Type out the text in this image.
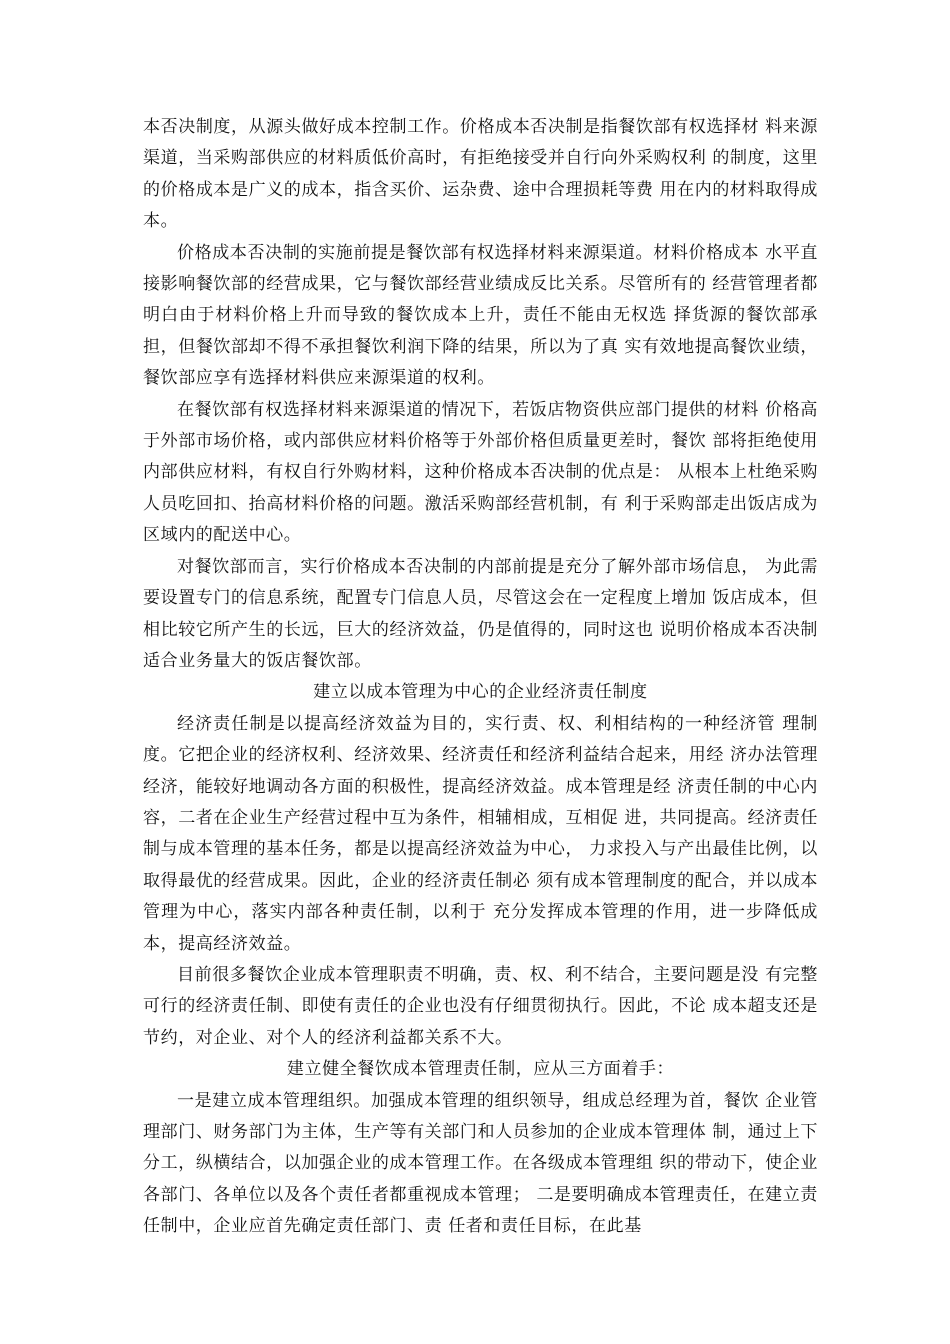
本否决制度，从源头做好成本控制工作。价格成本否决制是指餐饮部有权选择材 料来源渠道，当采购部供应的材料质低价高时，有拒绝接受并自行向外采购权利 的制度，这里的价格成本是广义的成本，指含买价、运杂费、途中合理损耗等费 用在内的材料取得成本。

价格成本否决制的实施前提是餐饮部有权选择材料来源渠道。材料价格成本 水平直接影响餐饮部的经营成果，它与餐饮部经营业绩成反比关系。尽管所有的 经营管理者都明白由于材料价格上升而导致的餐饮成本上升，责任不能由无权选 择货源的餐饮部承担，但餐饮部却不得不承担餐饮利润下降的结果，所以为了真 实有效地提高餐饮业绩，餐饮部应享有选择材料供应来源渠道的权利。

在餐饮部有权选择材料来源渠道的情况下，若饭店物资供应部门提供的材料 价格高于外部市场价格，或内部供应材料价格等于外部价格但质量更差时，餐饮 部将拒绝使用内部供应材料，有权自行外购材料，这种价格成本否决制的优点是： 从根本上杜绝采购人员吃回扣、抬高材料价格的问题。激活采购部经营机制，有 利于采购部走出饭店成为区域内的配送中心。

对餐饮部而言，实行价格成本否决制的内部前提是充分了解外部市场信息， 为此需要设置专门的信息系统，配置专门信息人员，尽管这会在一定程度上增加 饭店成本，但相比较它所产生的长远，巨大的经济效益，仍是值得的，同时这也 说明价格成本否决制适合业务量大的饭店餐饮部。

建立以成本管理为中心的企业经济责任制度

经济责任制是以提高经济效益为目的，实行责、权、利相结构的一种经济管 理制度。它把企业的经济权利、经济效果、经济责任和经济利益结合起来，用经 济办法管理经济，能较好地调动各方面的积极性，提高经济效益。成本管理是经 济责任制的中心内容，二者在企业生产经营过程中互为条件，相辅相成，互相促 进，共同提高。经济责任制与成本管理的基本任务，都是以提高经济效益为中心， 力求投入与产出最佳比例，以取得最优的经营成果。因此，企业的经济责任制必 须有成本管理制度的配合，并以成本管理为中心，落实内部各种责任制，以利于 充分发挥成本管理的作用，进一步降低成本，提高经济效益。

目前很多餐饮企业成本管理职责不明确，责、权、利不结合，主要问题是没 有完整可行的经济责任制、即使有责任的企业也没有仔细贯彻执行。因此，不论 成本超支还是节约，对企业、对个人的经济利益都关系不大。

建立健全餐饮成本管理责任制，应从三方面着手：

一是建立成本管理组织。加强成本管理的组织领导，组成总经理为首，餐饮 企业管理部门、财务部门为主体，生产等有关部门和人员参加的企业成本管理体 制，通过上下分工，纵横结合，以加强企业的成本管理工作。在各级成本管理组 织的带动下，使企业各部门、各单位以及各个责任者都重视成本管理； 二是要明确成本管理责任，在建立责任制中，企业应首先确定责任部门、责 任者和责任目标，在此基
